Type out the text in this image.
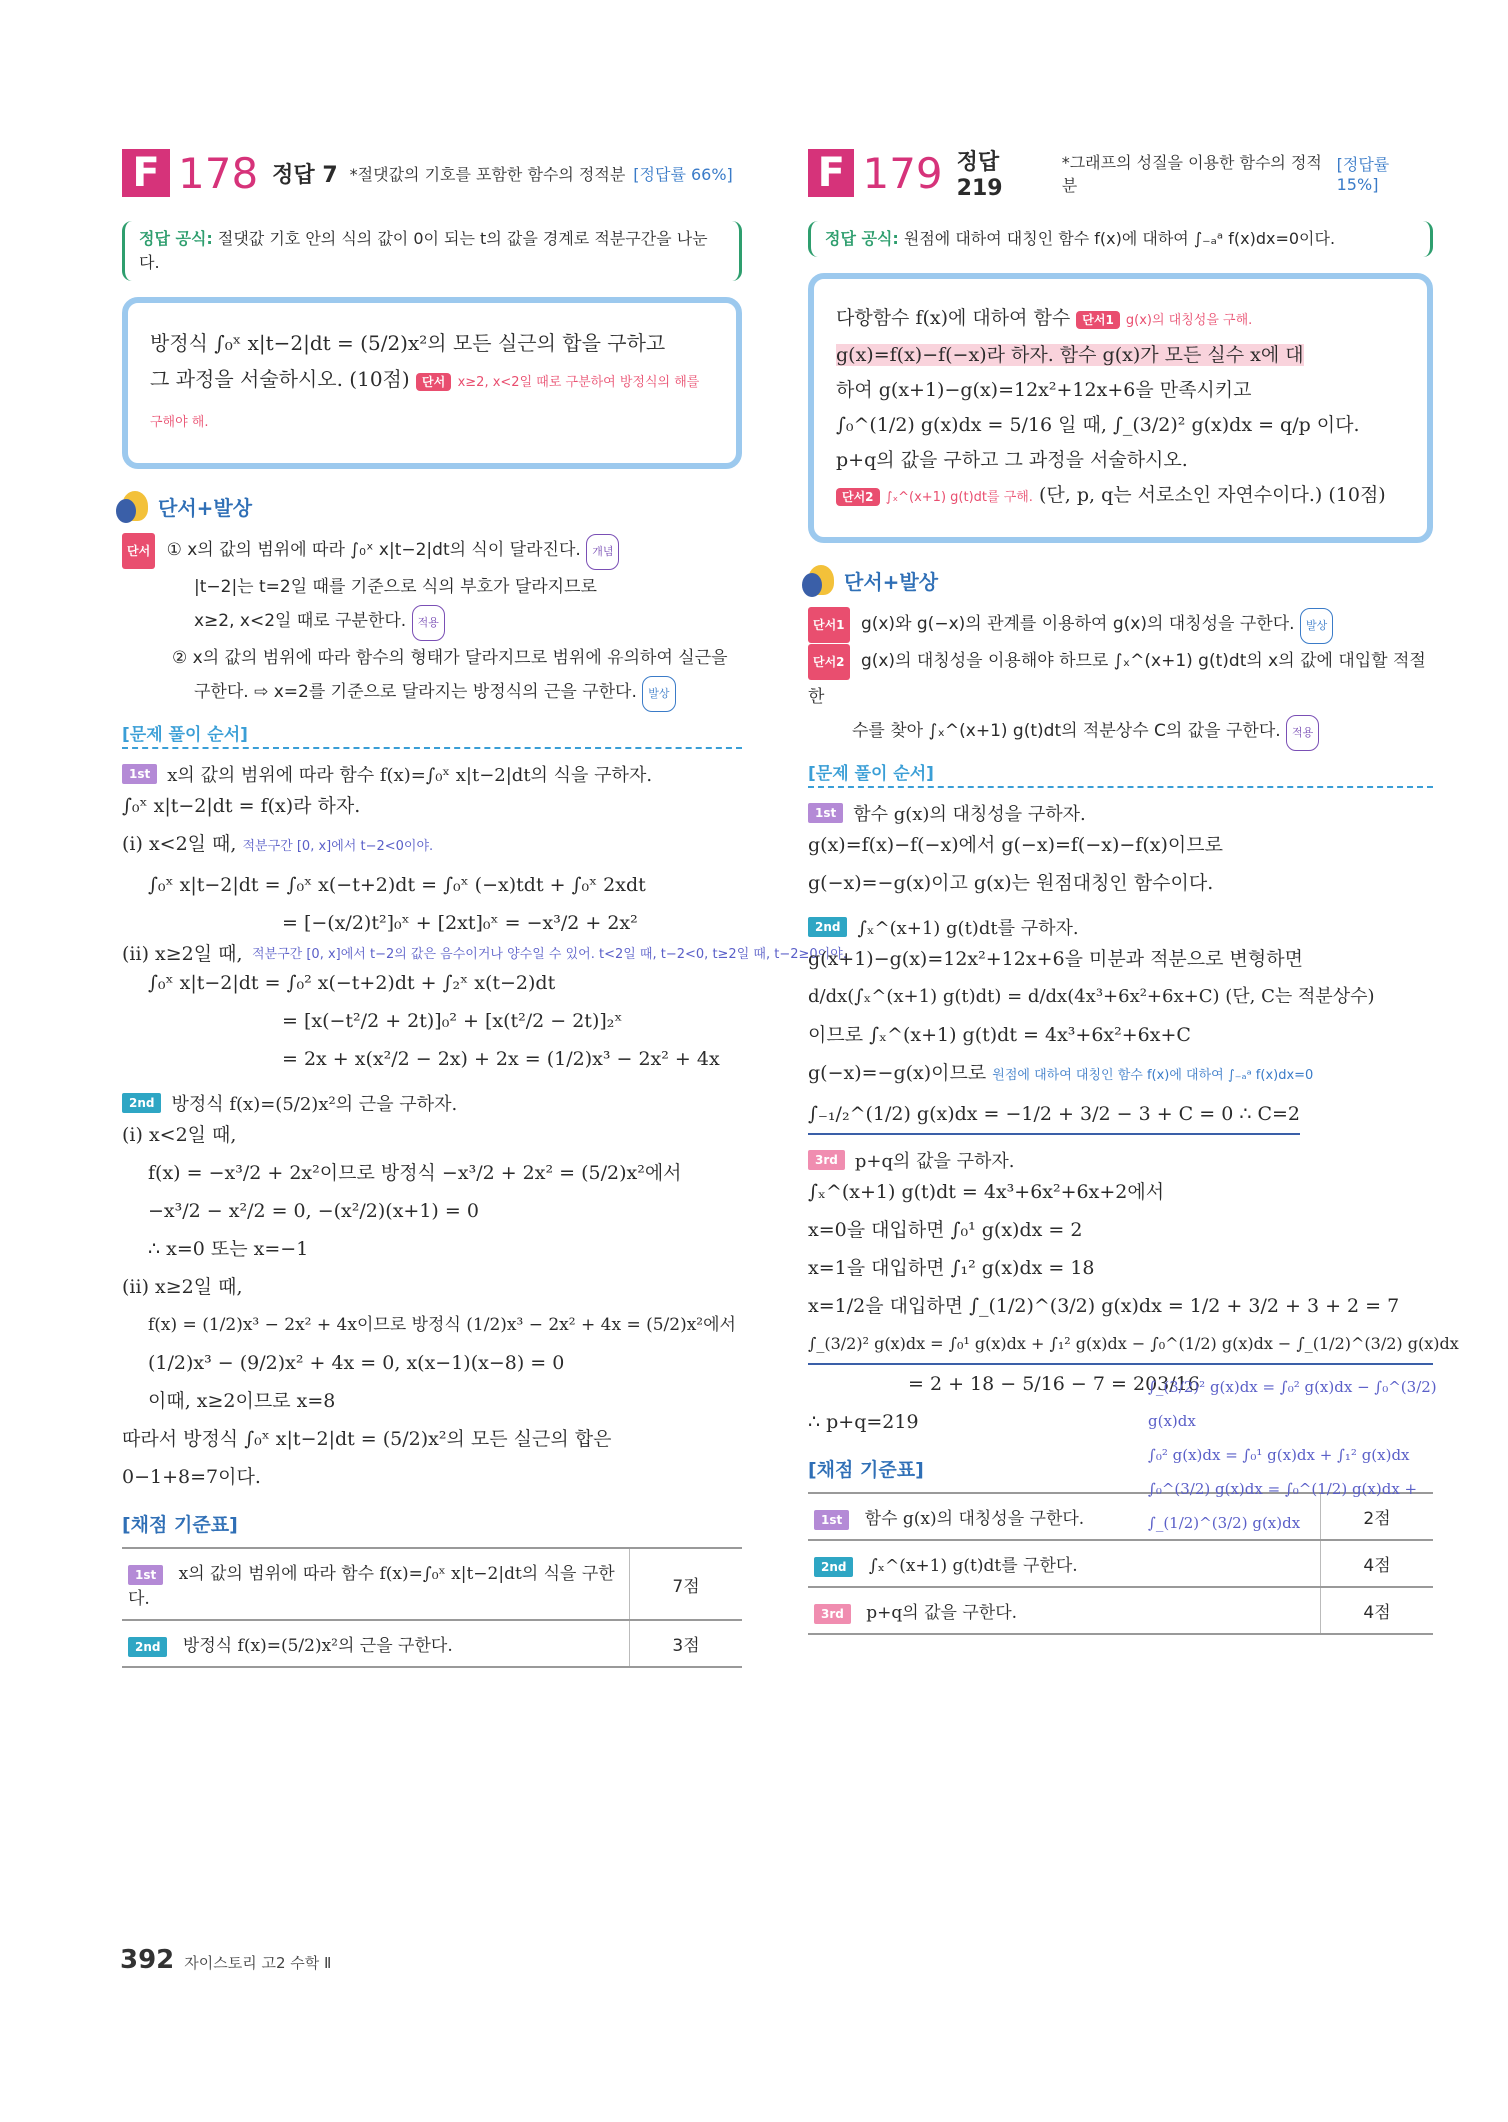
F 178 정답 7 *절댓값의 기호를 포함한 함수의 정적분 [정답률 66%]
정답 공식: 절댓값 기호 안의 식의 값이 0이 되는 t의 값을 경계로 적분구간을 나눈다.
방정식 ∫₀ˣ x|t−2|dt = (5/2)x²의 모든 실근의 합을 구하고
그 과정을 서술하시오. (10점) 단서 x≥2, x<2일 때로 구분하여 방정식의 해를 구해야 해.
단서+발상
단서 ① x의 값의 범위에 따라 ∫₀ˣ x|t−2|dt의 식이 달라진다. 개념
|t−2|는 t=2일 때를 기준으로 식의 부호가 달라지므로
x≥2, x<2일 때로 구분한다. 적용
② x의 값의 범위에 따라 함수의 형태가 달라지므로 범위에 유의하여 실근을
구한다. ⇨ x=2를 기준으로 달라지는 방정식의 근을 구한다. 발상
[문제 풀이 순서]
1st x의 값의 범위에 따라 함수 f(x)=∫₀ˣ x|t−2|dt의 식을 구하자.
∫₀ˣ x|t−2|dt = f(x)라 하자.
(i) x<2일 때, 적분구간 [0, x]에서 t−2<0이야.
∫₀ˣ x|t−2|dt = ∫₀ˣ x(−t+2)dt = ∫₀ˣ (−x)tdt + ∫₀ˣ 2xdt
= [−(x/2)t²]₀ˣ + [2xt]₀ˣ = −x³/2 + 2x²
(ii) x≥2일 때, 적분구간 [0, x]에서 t−2의 값은 음수이거나 양수일 수 있어. t<2일 때, t−2<0, t≥2일 때, t−2≥0이야.
∫₀ˣ x|t−2|dt = ∫₀² x(−t+2)dt + ∫₂ˣ x(t−2)dt
= [x(−t²/2 + 2t)]₀² + [x(t²/2 − 2t)]₂ˣ
= 2x + x(x²/2 − 2x) + 2x = (1/2)x³ − 2x² + 4x
2nd 방정식 f(x)=(5/2)x²의 근을 구하자.
(i) x<2일 때,
f(x) = −x³/2 + 2x²이므로 방정식 −x³/2 + 2x² = (5/2)x²에서
−x³/2 − x²/2 = 0, −(x²/2)(x+1) = 0
∴ x=0 또는 x=−1
(ii) x≥2일 때,
f(x) = (1/2)x³ − 2x² + 4x이므로 방정식 (1/2)x³ − 2x² + 4x = (5/2)x²에서
(1/2)x³ − (9/2)x² + 4x = 0, x(x−1)(x−8) = 0
이때, x≥2이므로 x=8
따라서 방정식 ∫₀ˣ x|t−2|dt = (5/2)x²의 모든 실근의 합은
0−1+8=7이다.
[채점 기준표]
1st x의 값의 범위에 따라 함수 f(x)=∫₀ˣ x|t−2|dt의 식을 구한다.	7점
2nd 방정식 f(x)=(5/2)x²의 근을 구한다.	3점
F 179 정답 219
*그래프의 성질을 이용한 함수의 정적분
[정답률 15%]
정답 공식: 원점에 대하여 대칭인 함수 f(x)에 대하여 ∫₋ₐᵃ f(x)dx=0이다.
다항함수 f(x)에 대하여 함수 단서1 g(x)의 대칭성을 구해.
g(x)=f(x)−f(−x)라 하자. 함수 g(x)가 모든 실수 x에 대
하여 g(x+1)−g(x)=12x²+12x+6을 만족시키고
∫₀^(1/2) g(x)dx = 5/16 일 때, ∫_(3/2)² g(x)dx = q/p 이다.
p+q의 값을 구하고 그 과정을 서술하시오.
단서2 ∫ₓ^(x+1) g(t)dt를 구해. (단, p, q는 서로소인 자연수이다.) (10점)
단서+발상
단서1 g(x)와 g(−x)의 관계를 이용하여 g(x)의 대칭성을 구한다. 발상
단서2 g(x)의 대칭성을 이용해야 하므로 ∫ₓ^(x+1) g(t)dt의 x의 값에 대입할 적절한
수를 찾아 ∫ₓ^(x+1) g(t)dt의 적분상수 C의 값을 구한다. 적용
[문제 풀이 순서]
1st 함수 g(x)의 대칭성을 구하자.
g(x)=f(x)−f(−x)에서 g(−x)=f(−x)−f(x)이므로
g(−x)=−g(x)이고 g(x)는 원점대칭인 함수이다.
2nd ∫ₓ^(x+1) g(t)dt를 구하자.
g(x+1)−g(x)=12x²+12x+6을 미분과 적분으로 변형하면
d/dx(∫ₓ^(x+1) g(t)dt) = d/dx(4x³+6x²+6x+C) (단, C는 적분상수)
이므로 ∫ₓ^(x+1) g(t)dt = 4x³+6x²+6x+C
g(−x)=−g(x)이므로 원점에 대하여 대칭인 함수 f(x)에 대하여 ∫₋ₐᵃ f(x)dx=0
∫₋₁/₂^(1/2) g(x)dx = −1/2 + 3/2 − 3 + C = 0 ∴ C=2
3rd p+q의 값을 구하자.
∫ₓ^(x+1) g(t)dt = 4x³+6x²+6x+2에서
x=0을 대입하면 ∫₀¹ g(x)dx = 2
x=1을 대입하면 ∫₁² g(x)dx = 18
∫_(3/2)² g(x)dx = ∫₀² g(x)dx − ∫₀^(3/2) g(x)dx
∫₀² g(x)dx = ∫₀¹ g(x)dx + ∫₁² g(x)dx
∫₀^(3/2) g(x)dx = ∫₀^(1/2) g(x)dx + ∫_(1/2)^(3/2) g(x)dx
x=1/2을 대입하면 ∫_(1/2)^(3/2) g(x)dx = 1/2 + 3/2 + 3 + 2 = 7
∫_(3/2)² g(x)dx = ∫₀¹ g(x)dx + ∫₁² g(x)dx − ∫₀^(1/2) g(x)dx − ∫_(1/2)^(3/2) g(x)dx
= 2 + 18 − 5/16 − 7 = 203/16
∴ p+q=219
[채점 기준표]
1st 함수 g(x)의 대칭성을 구한다.	2점
2nd ∫ₓ^(x+1) g(t)dt를 구한다.	4점
3rd p+q의 값을 구한다.	4점
392 자이스토리 고2 수학 Ⅱ
